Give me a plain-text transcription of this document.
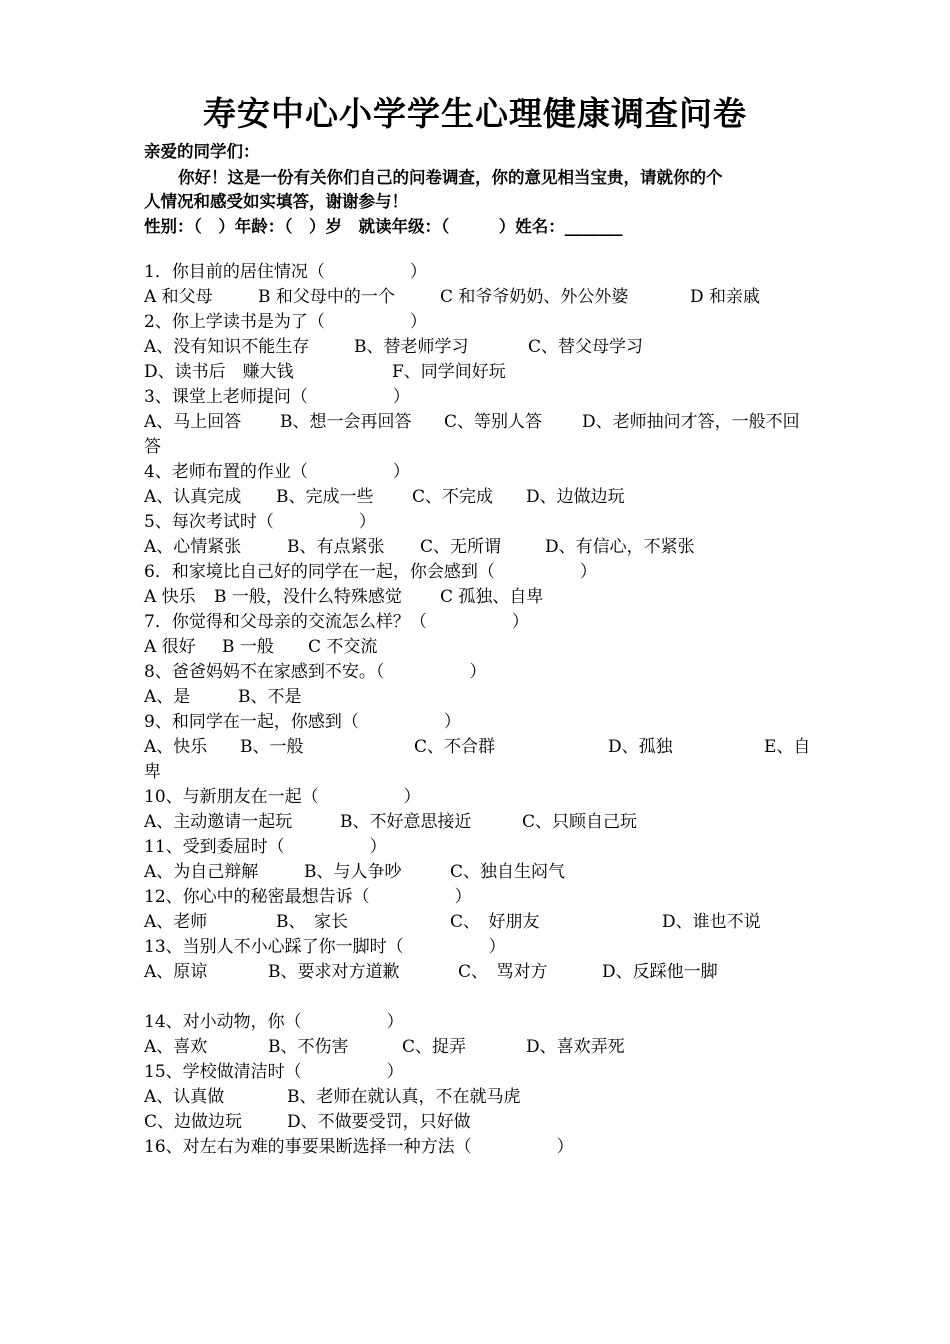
寿安中心小学学生心理健康调查问卷
亲爱的同学们：
你好！这是一份有关你们自己的问卷调查，你的意见相当宝贵，请就你的个
人情况和感受如实填答，谢谢参与！
性别：（　）年龄：（　）岁　就读年级：（　　　）姓名：_______
1．你目前的居住情况（　　　　　）
A 和父母	B 和父母中的一个	C 和爷爷奶奶、外公外婆	D 和亲戚
2、你上学读书是为了（　　　　　）
A、没有知识不能生存	B、替老师学习	C、替父母学习
D、读书后　赚大钱	F、同学间好玩
3、课堂上老师提问（　　　　　）
A、马上回答 B、想一会再回答 C、等别人答 D、老师抽问才答，一般不回
答
4、老师布置的作业（　　　　　）
A、认真完成 B、完成一些 C、不完成 D、边做边玩
5、每次考试时（　　　　　）
A、心情紧张	B、有点紧张 C、无所谓	D、有信心，不紧张
6．和家境比自己好的同学在一起，你会感到（　　　　　）
A 快乐 B 一般，没什么特殊感觉 C 孤独、自卑
7．你觉得和父母亲的交流怎么样？（　　　　　）
A 很好 B 一般 C 不交流
8、爸爸妈妈不在家感到不安。（　　　　　）
A、是	B、不是
9、和同学在一起，你感到（　　　　　）
A、快乐 B、一般	C、不合群	D、孤独	E、自
卑
10、与新朋友在一起（　　　　　）
A、主动邀请一起玩	B、不好意思接近	C、只顾自己玩
11、受到委屈时（　　　　　）
A、为自己辩解	B、与人争吵	C、独自生闷气
12、你心中的秘密最想告诉（　　　　　）
A、老师	B、　家长	C、　好朋友	D、谁也不说
13、当别人不小心踩了你一脚时（　　　　　）
A、原谅	B、要求对方道歉	C、　骂对方	D、反踩他一脚
14、对小动物，你（　　　　　）
A、喜欢	B、不伤害	C、捉弄	D、喜欢弄死
15、学校做清洁时（　　　　　）
A、认真做	B、老师在就认真，不在就马虎
C、边做边玩	D、不做要受罚，只好做
16、对左右为难的事要果断选择一种方法（　　　　　）
